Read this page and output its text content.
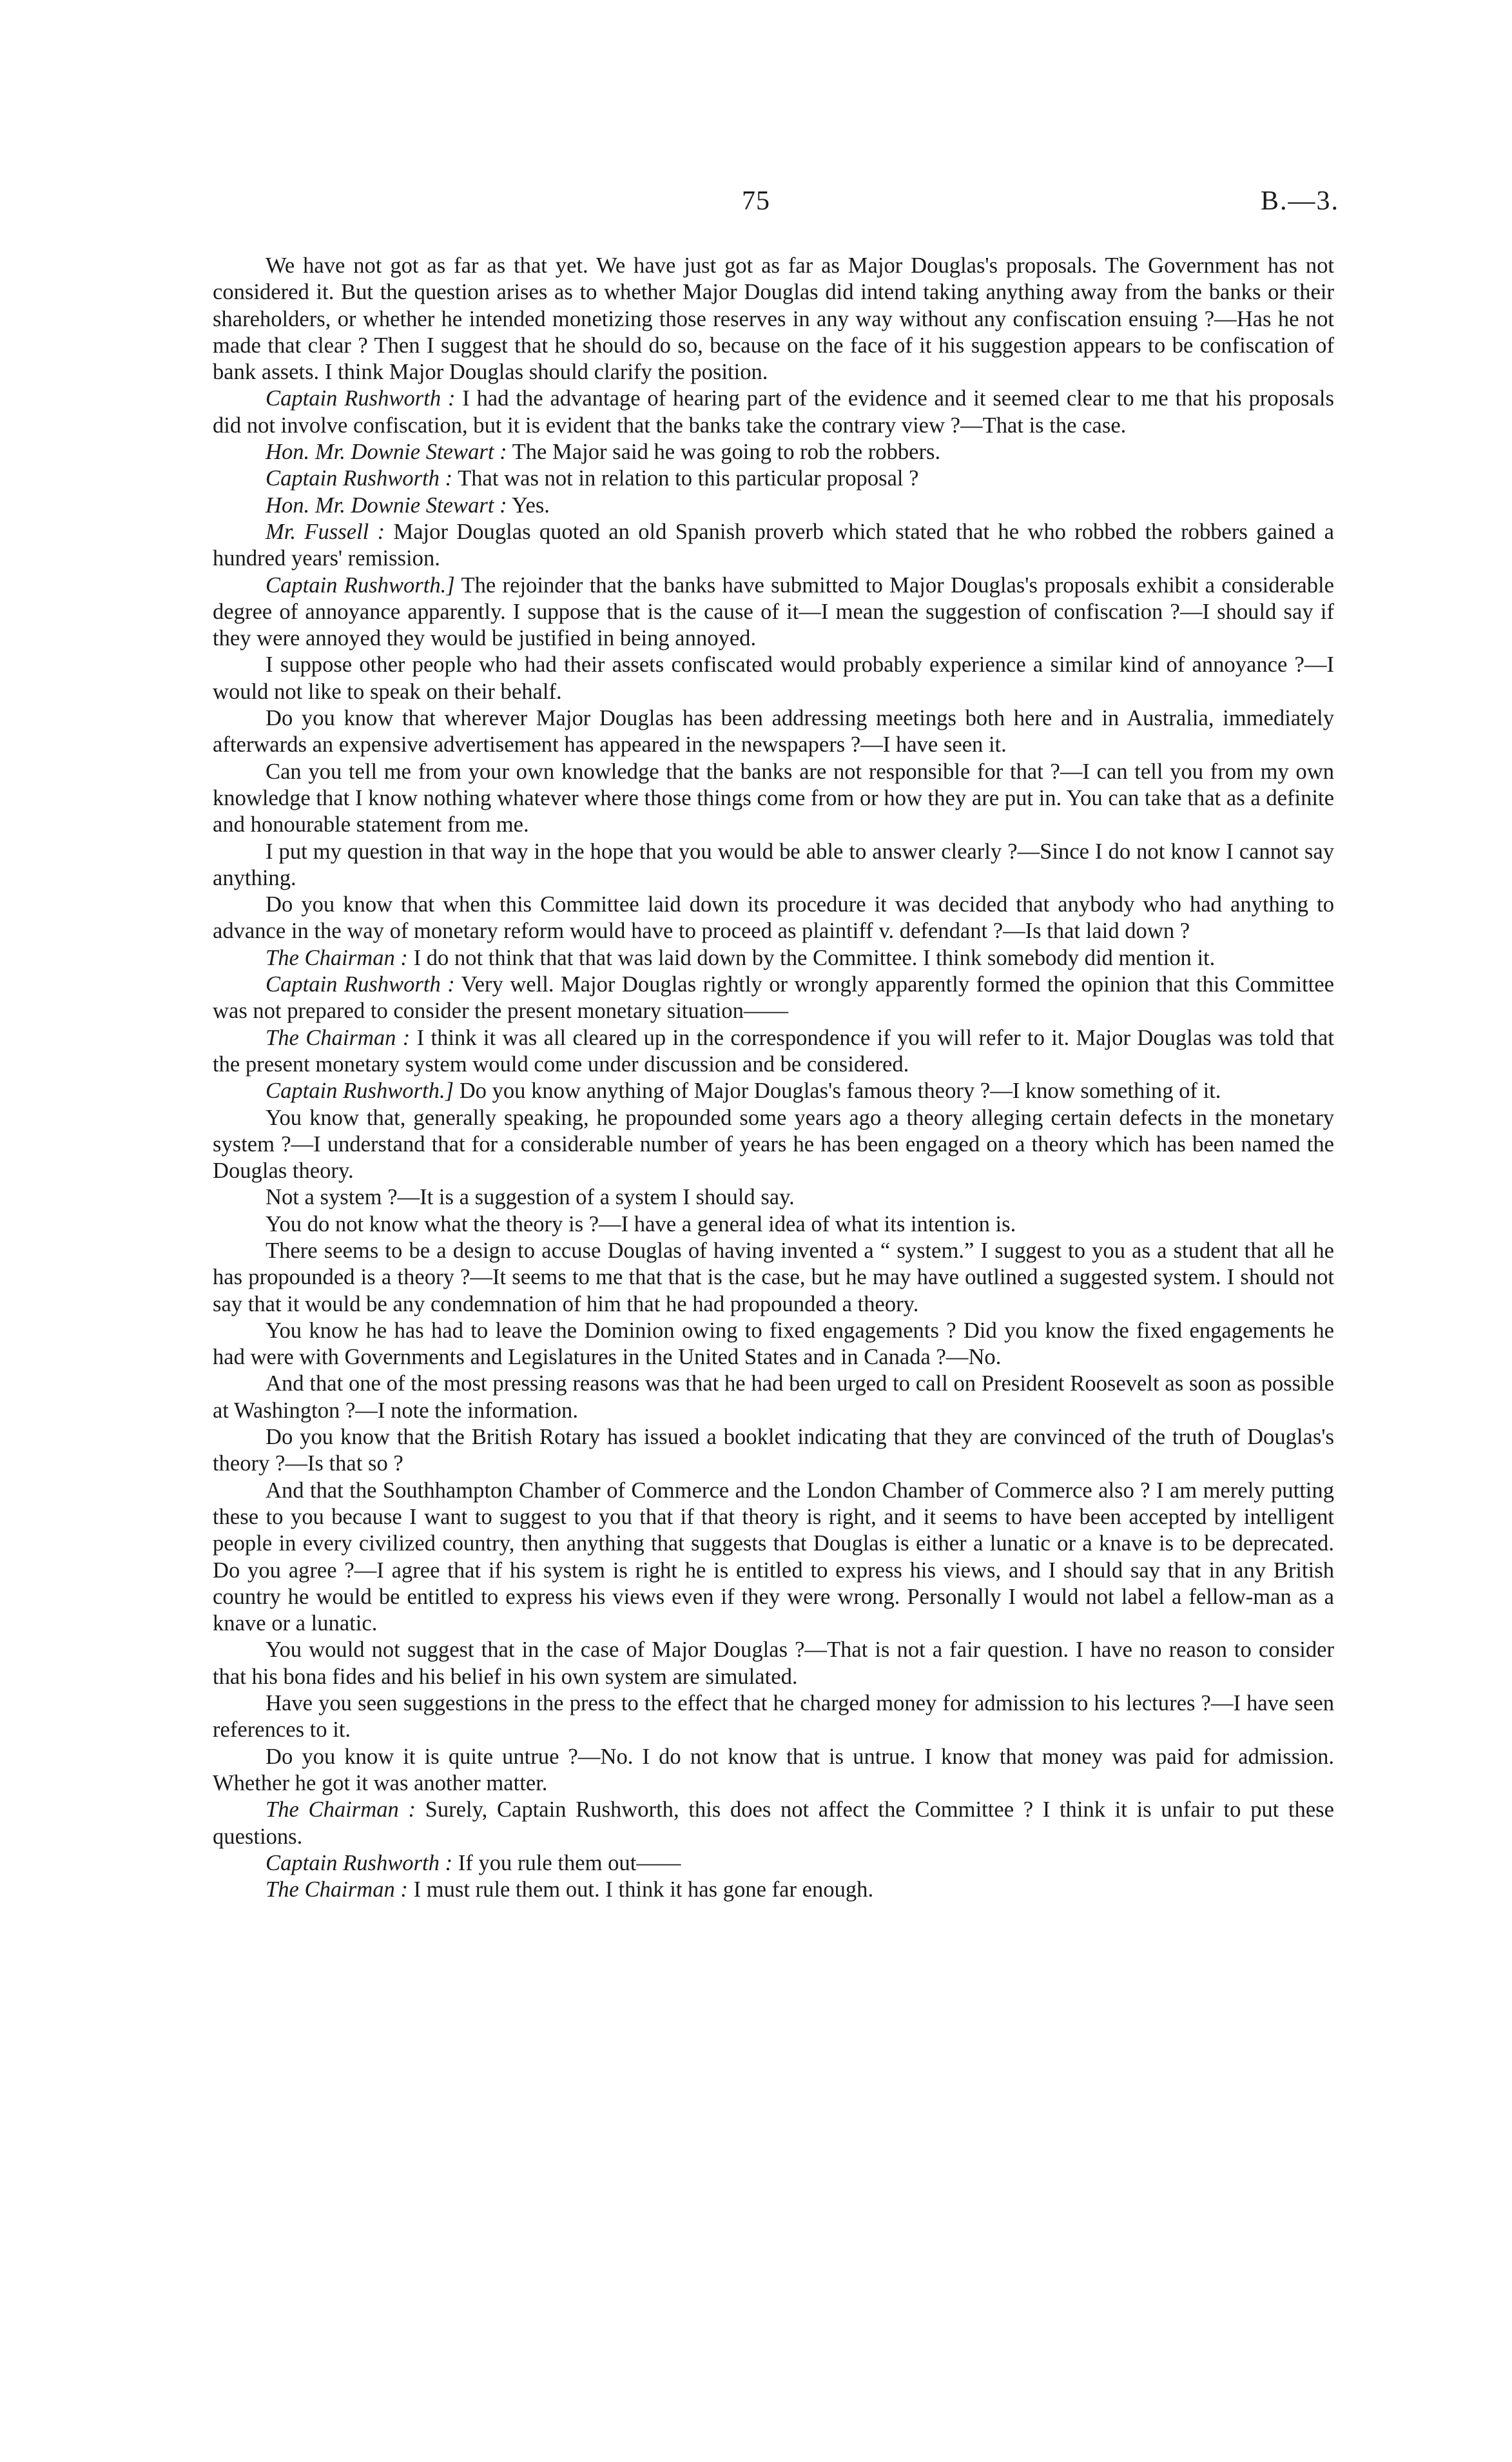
75	B.—3.

We have not got as far as that yet. We have just got as far as Major Douglas's proposals. The Government has not considered it. But the question arises as to whether Major Douglas did intend taking anything away from the banks or their shareholders, or whether he intended monetizing those reserves in any way without any confiscation ensuing ?—Has he not made that clear ? Then I suggest that he should do so, because on the face of it his suggestion appears to be confiscation of bank assets. I think Major Douglas should clarify the position.

Captain Rushworth : I had the advantage of hearing part of the evidence and it seemed clear to me that his proposals did not involve confiscation, but it is evident that the banks take the contrary view ?—That is the case.

Hon. Mr. Downie Stewart : The Major said he was going to rob the robbers.

Captain Rushworth : That was not in relation to this particular proposal ?

Hon. Mr. Downie Stewart : Yes.

Mr. Fussell : Major Douglas quoted an old Spanish proverb which stated that he who robbed the robbers gained a hundred years' remission.

Captain Rushworth.] The rejoinder that the banks have submitted to Major Douglas's proposals exhibit a considerable degree of annoyance apparently. I suppose that is the cause of it—I mean the suggestion of confiscation ?—I should say if they were annoyed they would be justified in being annoyed.

I suppose other people who had their assets confiscated would probably experience a similar kind of annoyance ?—I would not like to speak on their behalf.

Do you know that wherever Major Douglas has been addressing meetings both here and in Australia, immediately afterwards an expensive advertisement has appeared in the newspapers ?—I have seen it.

Can you tell me from your own knowledge that the banks are not responsible for that ?—I can tell you from my own knowledge that I know nothing whatever where those things come from or how they are put in. You can take that as a definite and honourable statement from me.

I put my question in that way in the hope that you would be able to answer clearly ?—Since I do not know I cannot say anything.

Do you know that when this Committee laid down its procedure it was decided that anybody who had anything to advance in the way of monetary reform would have to proceed as plaintiff v. defendant ?—Is that laid down ?

The Chairman : I do not think that that was laid down by the Committee. I think somebody did mention it.

Captain Rushworth : Very well. Major Douglas rightly or wrongly apparently formed the opinion that this Committee was not prepared to consider the present monetary situation——

The Chairman : I think it was all cleared up in the correspondence if you will refer to it. Major Douglas was told that the present monetary system would come under discussion and be considered.

Captain Rushworth.] Do you know anything of Major Douglas's famous theory ?—I know something of it.

You know that, generally speaking, he propounded some years ago a theory alleging certain defects in the monetary system ?—I understand that for a considerable number of years he has been engaged on a theory which has been named the Douglas theory.

Not a system ?—It is a suggestion of a system I should say.

You do not know what the theory is ?—I have a general idea of what its intention is.

There seems to be a design to accuse Douglas of having invented a “ system.” I suggest to you as a student that all he has propounded is a theory ?—It seems to me that that is the case, but he may have outlined a suggested system. I should not say that it would be any condemnation of him that he had propounded a theory.

You know he has had to leave the Dominion owing to fixed engagements ? Did you know the fixed engagements he had were with Governments and Legislatures in the United States and in Canada ?—No.

And that one of the most pressing reasons was that he had been urged to call on President Roosevelt as soon as possible at Washington ?—I note the information.

Do you know that the British Rotary has issued a booklet indicating that they are convinced of the truth of Douglas's theory ?—Is that so ?

And that the Southhampton Chamber of Commerce and the London Chamber of Commerce also ? I am merely putting these to you because I want to suggest to you that if that theory is right, and it seems to have been accepted by intelligent people in every civilized country, then anything that suggests that Douglas is either a lunatic or a knave is to be deprecated. Do you agree ?—I agree that if his system is right he is entitled to express his views, and I should say that in any British country he would be entitled to express his views even if they were wrong. Personally I would not label a fellow-man as a knave or a lunatic.

You would not suggest that in the case of Major Douglas ?—That is not a fair question. I have no reason to consider that his bona fides and his belief in his own system are simulated.

Have you seen suggestions in the press to the effect that he charged money for admission to his lectures ?—I have seen references to it.

Do you know it is quite untrue ?—No. I do not know that is untrue. I know that money was paid for admission. Whether he got it was another matter.

The Chairman : Surely, Captain Rushworth, this does not affect the Committee ? I think it is unfair to put these questions.

Captain Rushworth : If you rule them out——

The Chairman : I must rule them out. I think it has gone far enough.
